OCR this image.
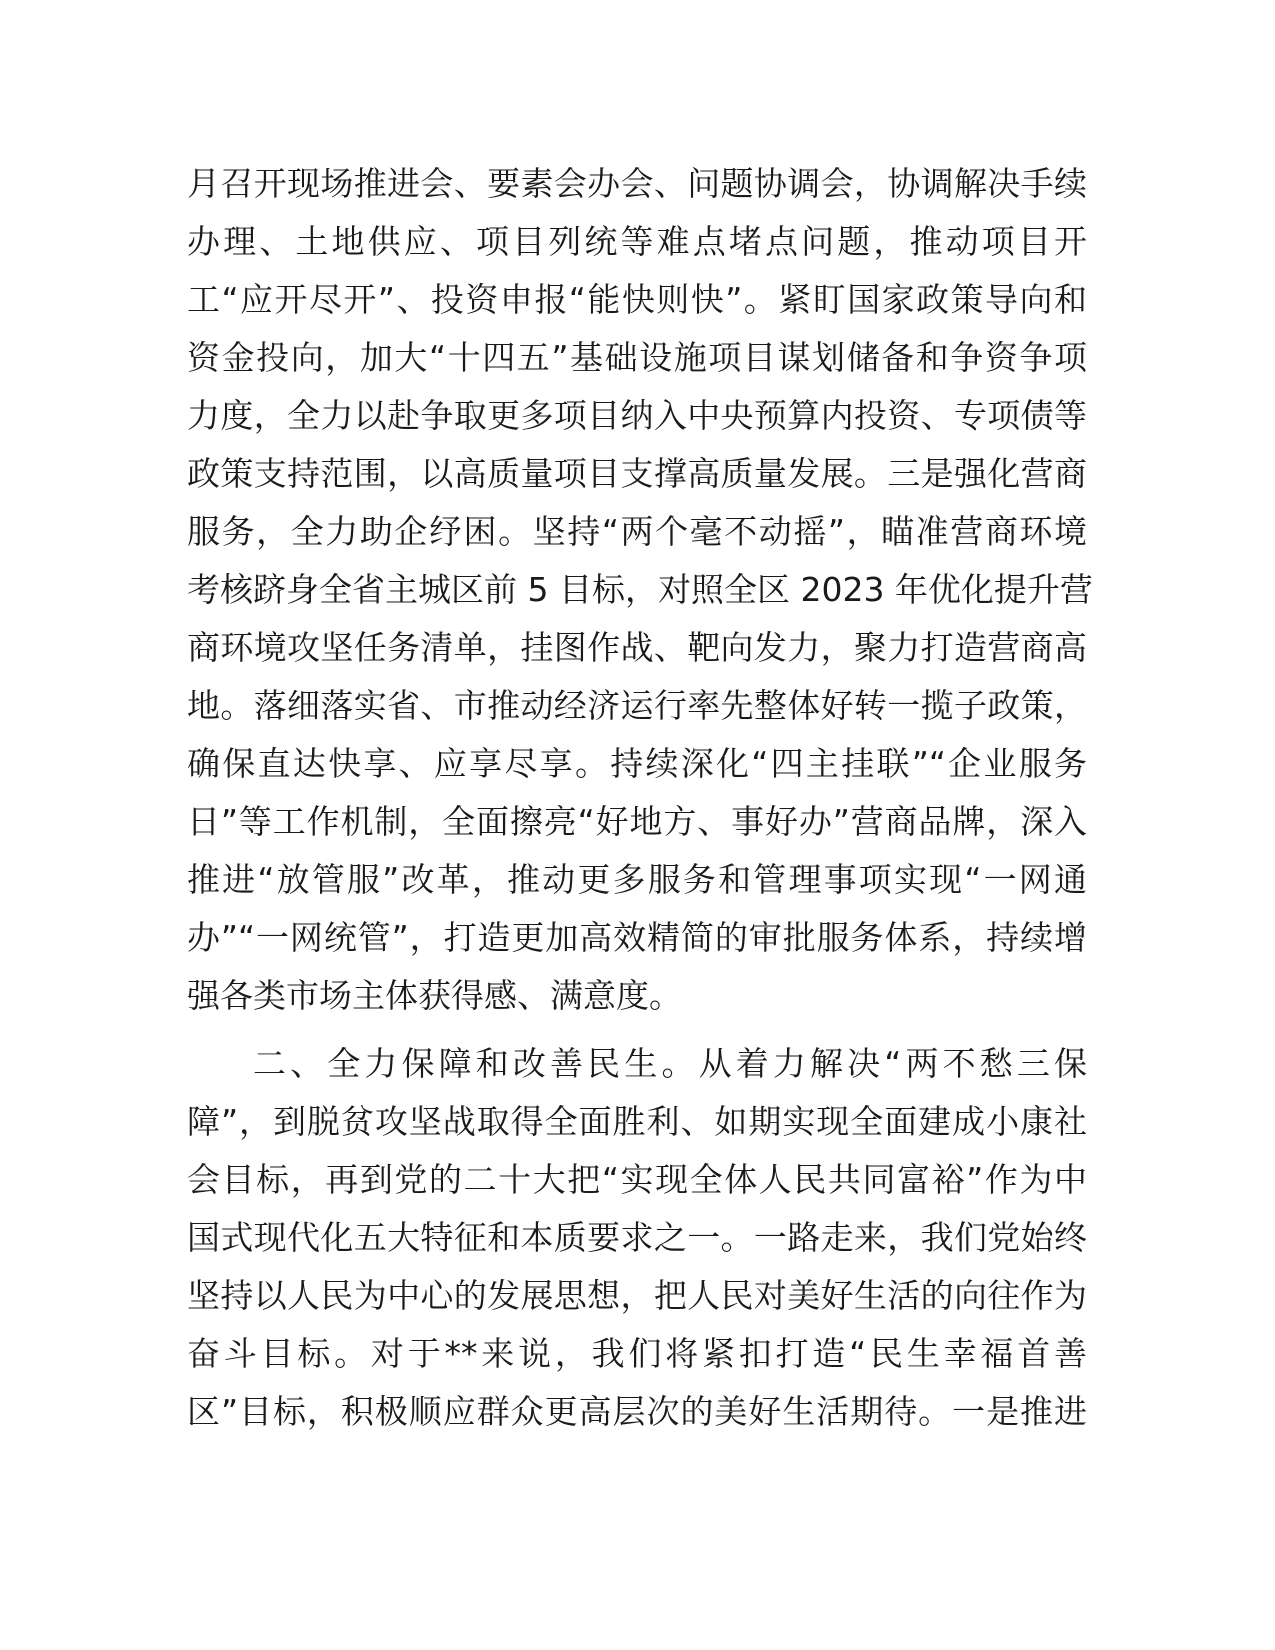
月召开现场推进会、要素会办会、问题协调会，协调解决手续
办理、土地供应、项目列统等难点堵点问题，推动项目开
工“应开尽开”、投资申报“能快则快”。紧盯国家政策导向和
资金投向，加大“十四五”基础设施项目谋划储备和争资争项
力度，全力以赴争取更多项目纳入中央预算内投资、专项债等
政策支持范围，以高质量项目支撑高质量发展。三是强化营商
服务，全力助企纾困。坚持“两个毫不动摇”，瞄准营商环境
考核跻身全省主城区前 5 目标，对照全区 2023 年优化提升营
商环境攻坚任务清单，挂图作战、靶向发力，聚力打造营商高
地。落细落实省、市推动经济运行率先整体好转一揽子政策，
确保直达快享、应享尽享。持续深化“四主挂联”“企业服务
日”等工作机制，全面擦亮“好地方、事好办”营商品牌，深入
推进“放管服”改革，推动更多服务和管理事项实现“一网通
办”“一网统管”，打造更加高效精简的审批服务体系，持续增
强各类市场主体获得感、满意度。
二、全力保障和改善民生。从着力解决“两不愁三保
障”，到脱贫攻坚战取得全面胜利、如期实现全面建成小康社
会目标，再到党的二十大把“实现全体人民共同富裕”作为中
国式现代化五大特征和本质要求之一。一路走来，我们党始终
坚持以人民为中心的发展思想，把人民对美好生活的向往作为
奋斗目标。对于**来说，我们将紧扣打造“民生幸福首善
区”目标，积极顺应群众更高层次的美好生活期待。一是推进
